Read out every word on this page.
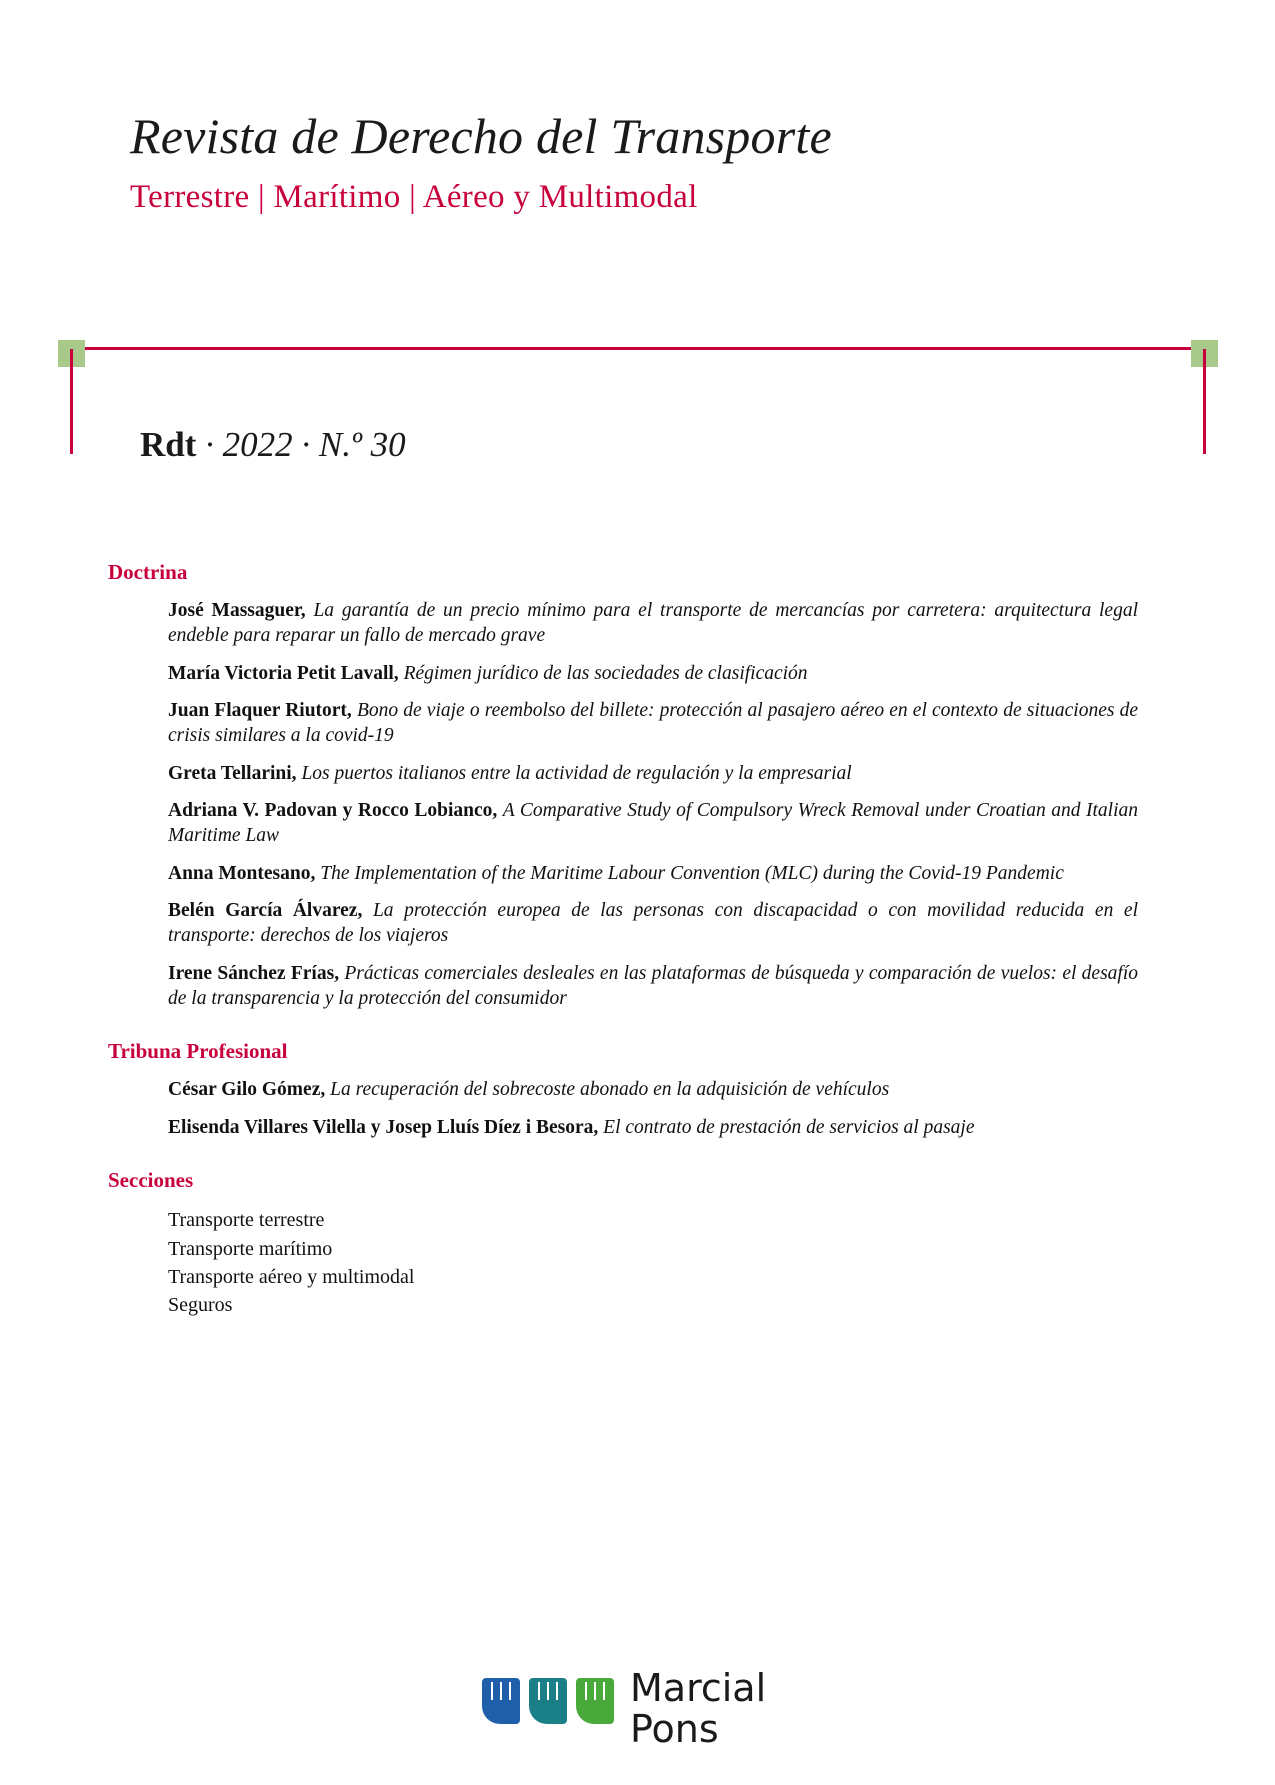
Revista de Derecho del Transporte
Terrestre | Marítimo | Aéreo y Multimodal
Rdt · 2022 · N.º 30
Doctrina
José Massaguer, La garantía de un precio mínimo para el transporte de mercancías por carretera: arquitectura legal endeble para reparar un fallo de mercado grave
María Victoria Petit Lavall, Régimen jurídico de las sociedades de clasificación
Juan Flaquer Riutort, Bono de viaje o reembolso del billete: protección al pasajero aéreo en el contexto de situaciones de crisis similares a la covid-19
Greta Tellarini, Los puertos italianos entre la actividad de regulación y la empresarial
Adriana V. Padovan y Rocco Lobianco, A Comparative Study of Compulsory Wreck Removal under Croatian and Italian Maritime Law
Anna Montesano, The Implementation of the Maritime Labour Convention (MLC) during the Covid-19 Pandemic
Belén García Álvarez, La protección europea de las personas con discapacidad o con movilidad reducida en el transporte: derechos de los viajeros
Irene Sánchez Frías, Prácticas comerciales desleales en las plataformas de búsqueda y comparación de vuelos: el desafío de la transparencia y la protección del consumidor
Tribuna Profesional
César Gilo Gómez, La recuperación del sobrecoste abonado en la adquisición de vehículos
Elisenda Villares Vilella y Josep Lluís Díez i Besora, El contrato de prestación de servicios al pasaje
Secciones
Transporte terrestre
Transporte marítimo
Transporte aéreo y multimodal
Seguros
Marcial
Pons
